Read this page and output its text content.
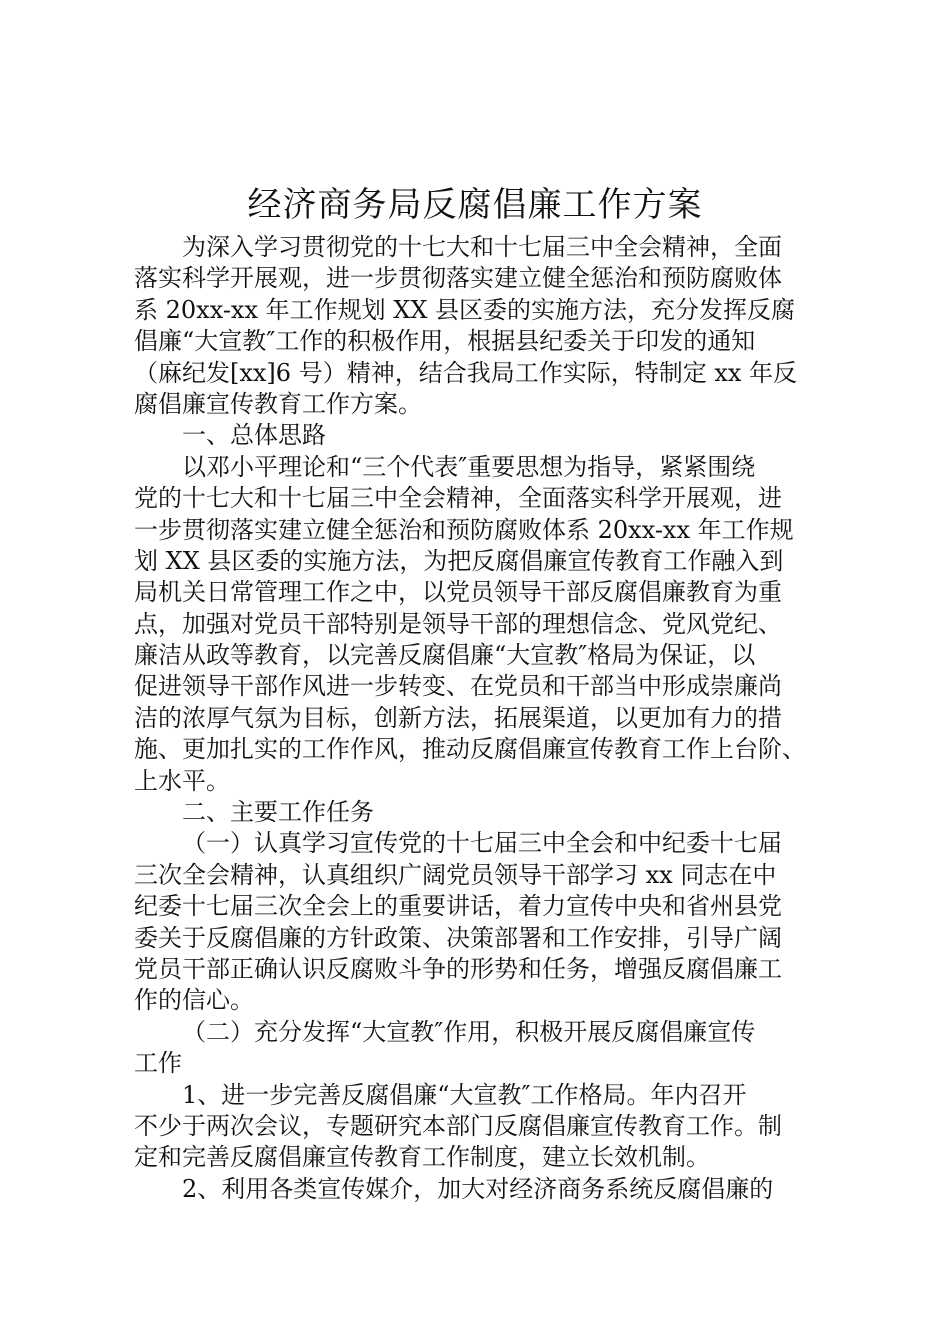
经济商务局反腐倡廉工作方案
为深入学习贯彻党的十七大和十七届三中全会精神，全面
落实科学开展观，进一步贯彻落实建立健全惩治和预防腐败体
系 20xx-xx 年工作规划 XX 县区委的实施方法，充分发挥反腐
倡廉“大宣教″工作的积极作用，根据县纪委关于印发的通知
（麻纪发[xx]6 号）精神，结合我局工作实际，特制定 xx 年反
腐倡廉宣传教育工作方案。
一、总体思路
以邓小平理论和“三个代表″重要思想为指导，紧紧围绕
党的十七大和十七届三中全会精神，全面落实科学开展观，进
一步贯彻落实建立健全惩治和预防腐败体系 20xx-xx 年工作规
划 XX 县区委的实施方法，为把反腐倡廉宣传教育工作融入到
局机关日常管理工作之中，以党员领导干部反腐倡廉教育为重
点，加强对党员干部特别是领导干部的理想信念、党风党纪、
廉洁从政等教育，以完善反腐倡廉“大宣教″格局为保证，以
促进领导干部作风进一步转变、在党员和干部当中形成崇廉尚
洁的浓厚气氛为目标，创新方法，拓展渠道，以更加有力的措
施、更加扎实的工作作风，推动反腐倡廉宣传教育工作上台阶、
上水平。
二、主要工作任务
（一）认真学习宣传党的十七届三中全会和中纪委十七届
三次全会精神，认真组织广阔党员领导干部学习 xx 同志在中
纪委十七届三次全会上的重要讲话，着力宣传中央和省州县党
委关于反腐倡廉的方针政策、决策部署和工作安排，引导广阔
党员干部正确认识反腐败斗争的形势和任务，增强反腐倡廉工
作的信心。
（二）充分发挥“大宣教″作用，积极开展反腐倡廉宣传
工作
1、进一步完善反腐倡廉“大宣教″工作格局。年内召开
不少于两次会议，专题研究本部门反腐倡廉宣传教育工作。制
定和完善反腐倡廉宣传教育工作制度，建立长效机制。
2、利用各类宣传媒介，加大对经济商务系统反腐倡廉的
